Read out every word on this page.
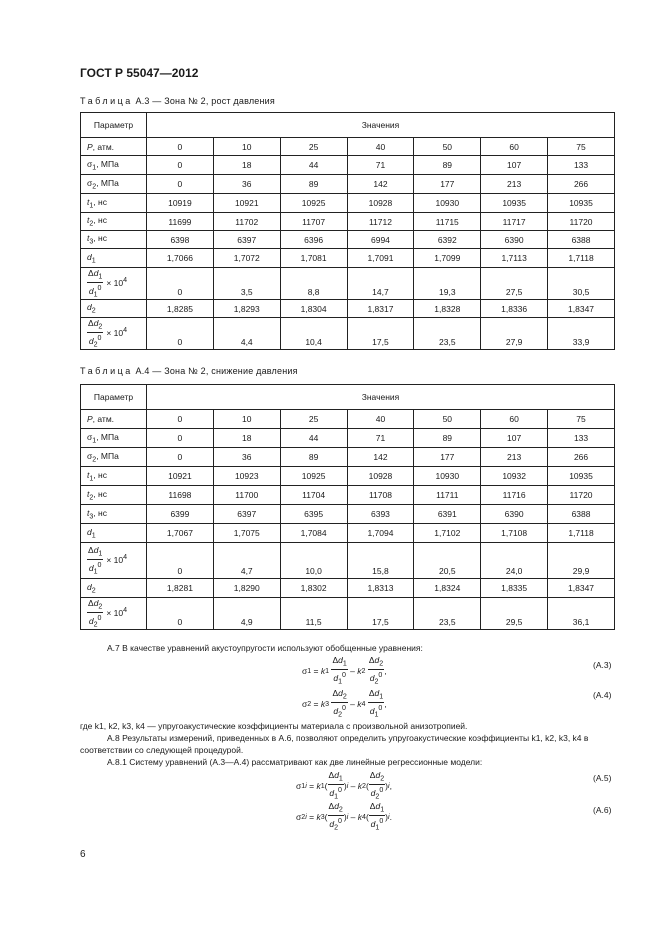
ГОСТ Р 55047—2012
Таблица A.3 — Зона № 2, рост давления
Параметр	Значения						
P, атм.	0	10	25	40	50	60	75
$\sigma_1$, МПа	0	18	44	71	89	107	133
$\sigma_2$, МПа	0	36	89	142	177	213	266
$t_1$, нс	10919	10921	10925	10928	10930	10935	10935
$t_2$, нс	11699	11702	11707	11712	11715	11717	11720
$t_3$, нс	6398	6397	6396	6994	6392	6390	6388
$d_1$	1,7066	1,7072	1,7081	1,7091	1,7099	1,7113	1,7118

$\frac{\Delta d_1}{d_1^0} \times 10^4$	0	3,5	8,8	14,7	19,3	27,5	30,5
$d_2$	1,8285	1,8293	1,8304	1,8317	1,8328	1,8336	1,8347

$\frac{\Delta d_2}{d_2^0} \times 10^4$	0	4,4	10,4	17,5	23,5	27,9	33,9
Таблица A.4 — Зона № 2, снижение давления
Параметр	Значения						
P, атм.	0	10	25	40	50	60	75
$\sigma_1$, МПа	0	18	44	71	89	107	133
$\sigma_2$, МПа	0	36	89	142	177	213	266
$t_1$, нс	10921	10923	10925	10928	10930	10932	10935
$t_2$, нс	11698	11700	11704	11708	11711	11716	11720
$t_3$, нс	6399	6397	6395	6393	6391	6390	6388
$d_1$	1,7067	1,7075	1,7084	1,7094	1,7102	1,7108	1,7118

$\frac{\Delta d_1}{d_1^0} \times 10^4$	0	4,7	10,0	15,8	20,5	24,0	29,9
$d_2$	1,8281	1,8290	1,8302	1,8313	1,8324	1,8335	1,8347

$\frac{\Delta d_2}{d_2^0} \times 10^4$	0	4,9	11,5	17,5	23,5	29,5	36,1
А.7 В качестве уравнений акустоупругости используют обобщенные уравнения:
σ 1 = k 1
$\frac{\Delta d_1}{d_1^0}$ – k 2
$\frac{\Delta d_2}{d_2^0}$ ,
(А.3)
σ 2 = k 3
$\frac{\Delta d_2}{d_2^0}$ – k 4
$\frac{\Delta d_1}{d_1^0}$ ,
(А.4)
где k1, k2, k3, k4 — упругоакустические коэффициенты материала с произвольной анизотропией.
А.8 Результаты измерений, приведенных в А.6, позволяют определить упругоакустические коэффициенты k1, k2, k3, k4 в соответствии со следующей процедурой.
А.8.1 Систему уравнений (А.3—А.4) рассматривают как две линейные регрессионные модели:
σ 1i = k 1 ( $\frac{\Delta d_1}{d_1^0}$ ) i – k 2 ( $\frac{\Delta d_2}{d_2^0}$ ) i ,
(А.5)
σ 2i = k 3 ( $\frac{\Delta d_2}{d_2^0}$ ) i – k 4 ( $\frac{\Delta d_1}{d_1^0}$ ) i .
(А.6)
6
